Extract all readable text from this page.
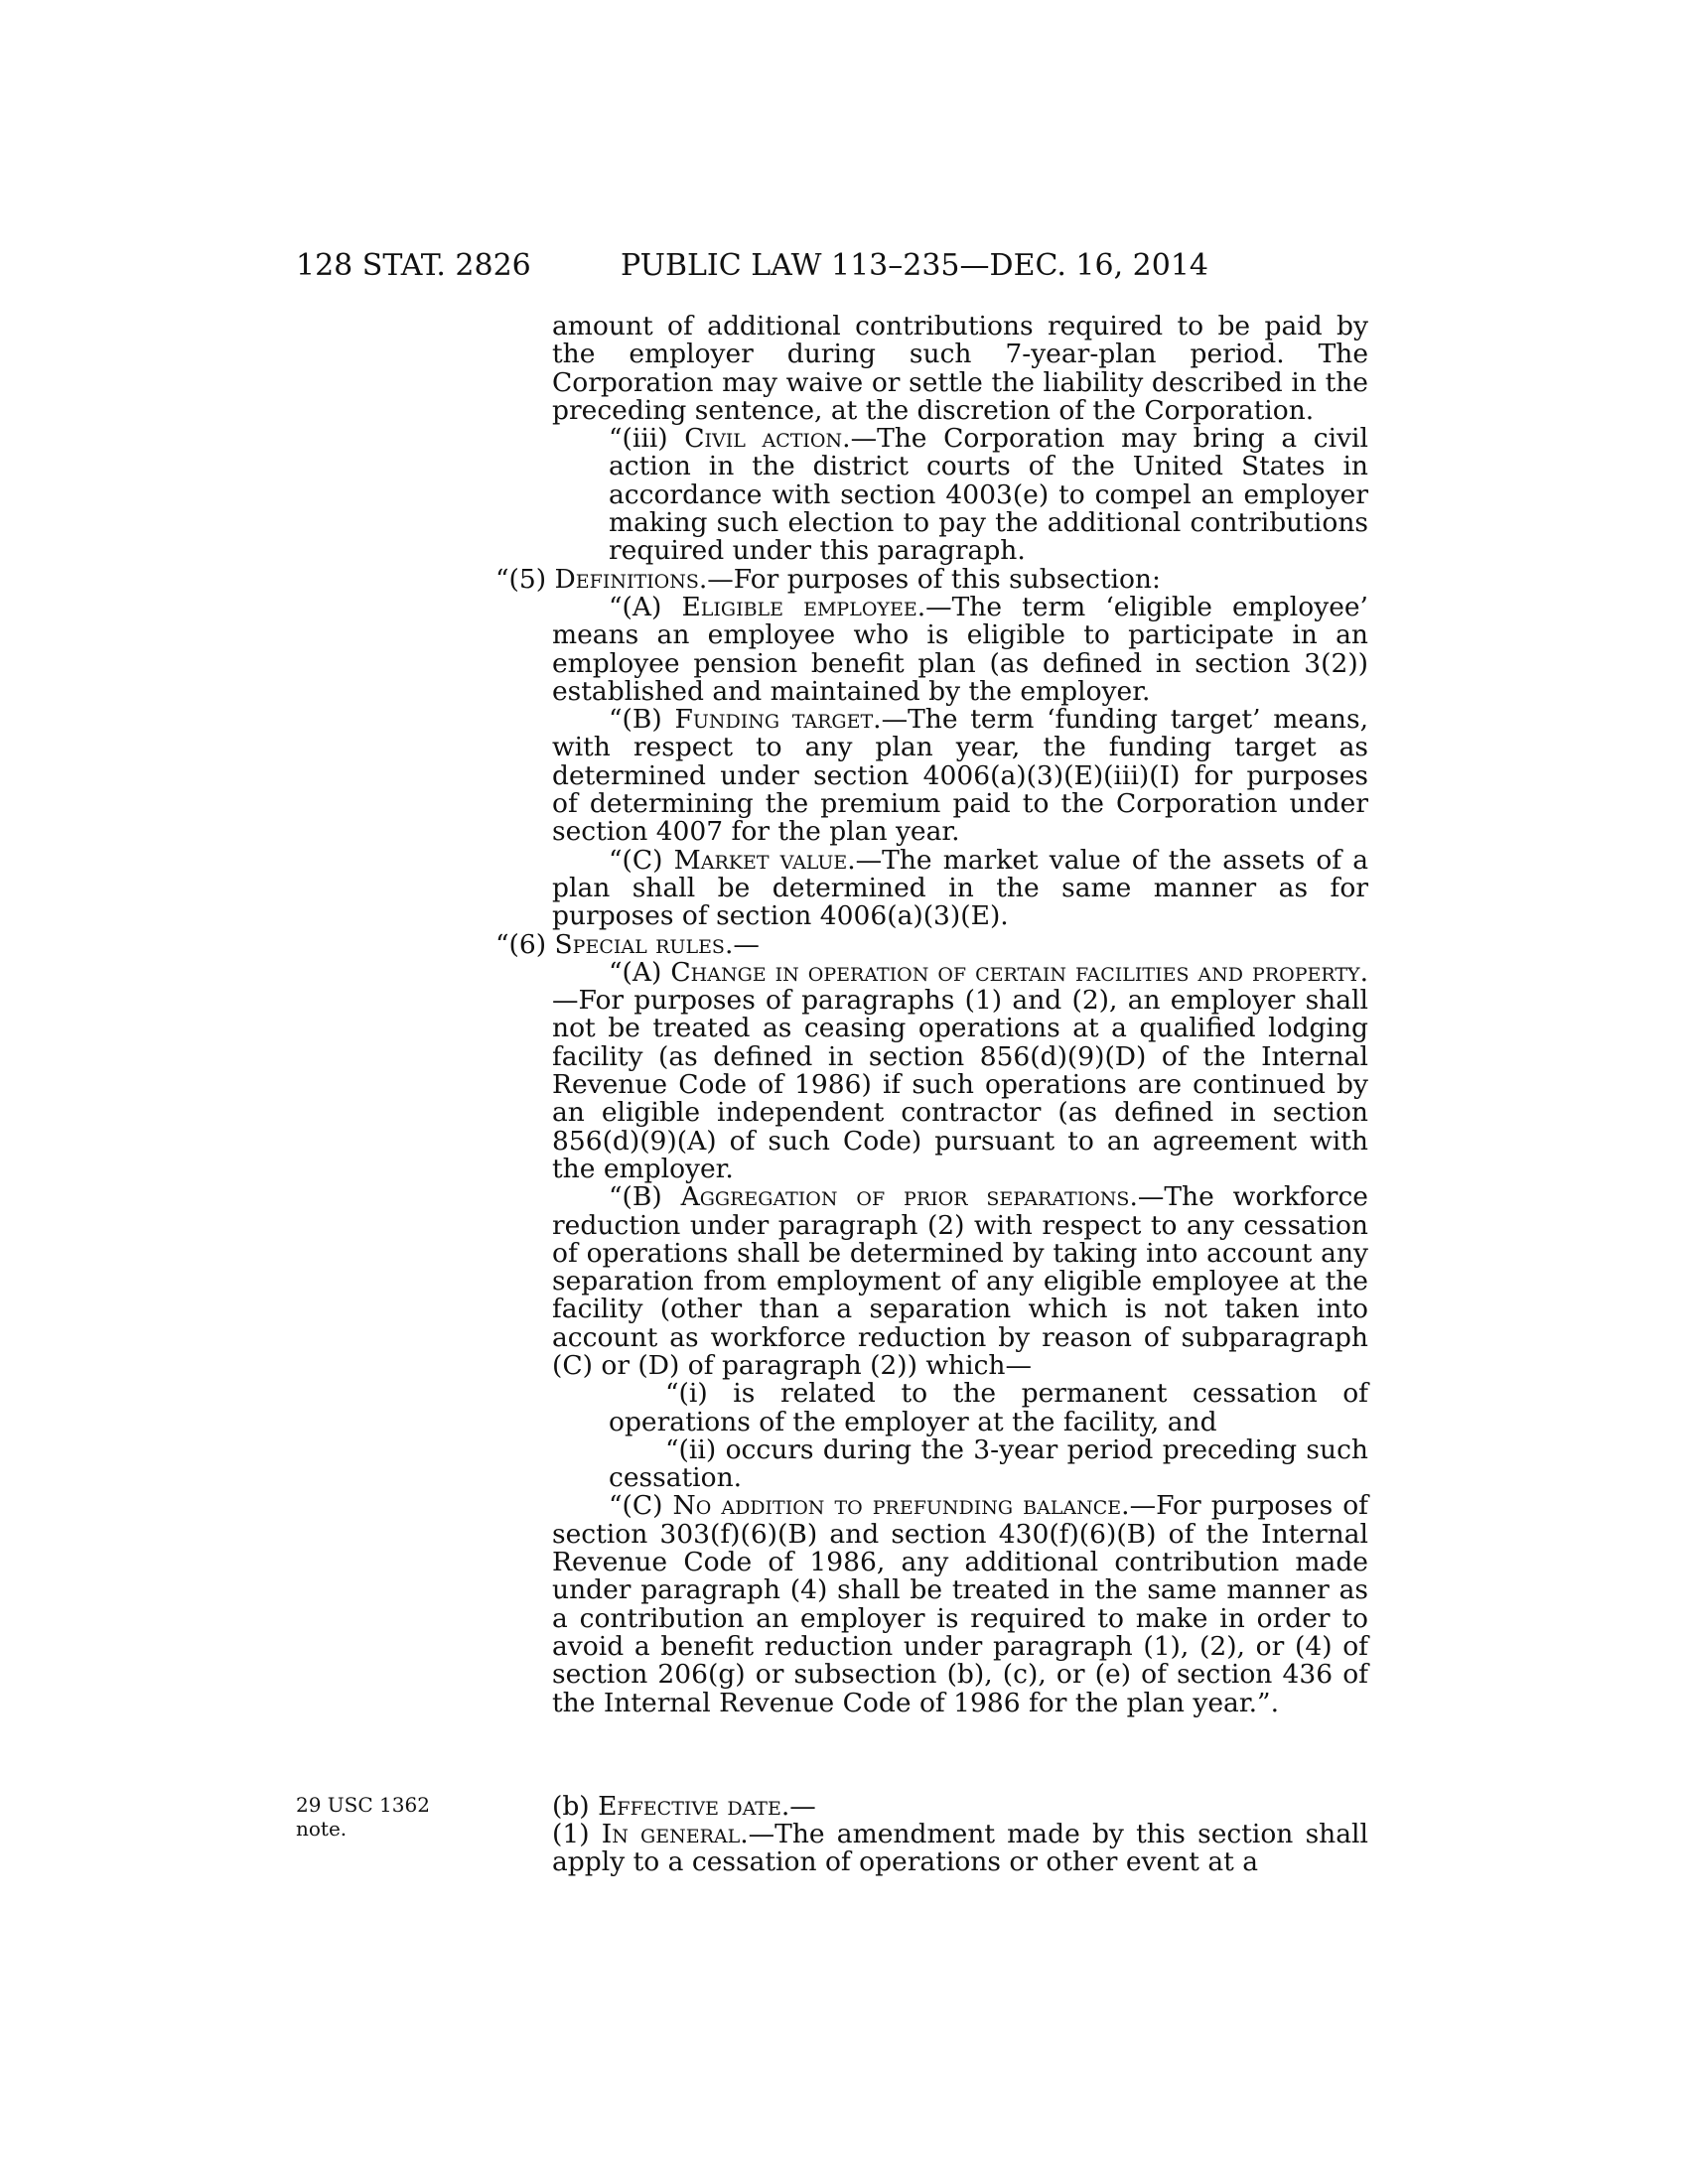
128 STAT. 2826	PUBLIC LAW 113–235—DEC. 16, 2014

amount of additional contributions required to be paid by the employer during such 7-year-plan period. The Corporation may waive or settle the liability described in the preceding sentence, at the discretion of the Corporation.

“(iii) Civil action.—The Corporation may bring a civil action in the district courts of the United States in accordance with section 4003(e) to compel an employer making such election to pay the additional contributions required under this paragraph.

“(5) Definitions.—For purposes of this subsection:

“(A) Eligible employee.—The term ‘eligible employee’ means an employee who is eligible to participate in an employee pension benefit plan (as defined in section 3(2)) established and maintained by the employer.

“(B) Funding target.—The term ‘funding target’ means, with respect to any plan year, the funding target as determined under section 4006(a)(3)(E)(iii)(I) for purposes of determining the premium paid to the Corporation under section 4007 for the plan year.

“(C) Market value.—The market value of the assets of a plan shall be determined in the same manner as for purposes of section 4006(a)(3)(E).

“(6) Special rules.—

“(A) Change in operation of certain facilities and property.—For purposes of paragraphs (1) and (2), an employer shall not be treated as ceasing operations at a qualified lodging facility (as defined in section 856(d)(9)(D) of the Internal Revenue Code of 1986) if such operations are continued by an eligible independent contractor (as defined in section 856(d)(9)(A) of such Code) pursuant to an agreement with the employer.

“(B) Aggregation of prior separations.—The workforce reduction under paragraph (2) with respect to any cessation of operations shall be determined by taking into account any separation from employment of any eligible employee at the facility (other than a separation which is not taken into account as workforce reduction by reason of subparagraph (C) or (D) of paragraph (2)) which—

“(i) is related to the permanent cessation of operations of the employer at the facility, and

“(ii) occurs during the 3-year period preceding such cessation.

“(C) No addition to prefunding balance.—For purposes of section 303(f)(6)(B) and section 430(f)(6)(B) of the Internal Revenue Code of 1986, any additional contribution made under paragraph (4) shall be treated in the same manner as a contribution an employer is required to make in order to avoid a benefit reduction under paragraph (1), (2), or (4) of section 206(g) or subsection (b), (c), or (e) of section 436 of the Internal Revenue Code of 1986 for the plan year.”.

29 USC 1362
note.

(b) Effective date.—

(1) In general.—The amendment made by this section shall apply to a cessation of operations or other event at a
